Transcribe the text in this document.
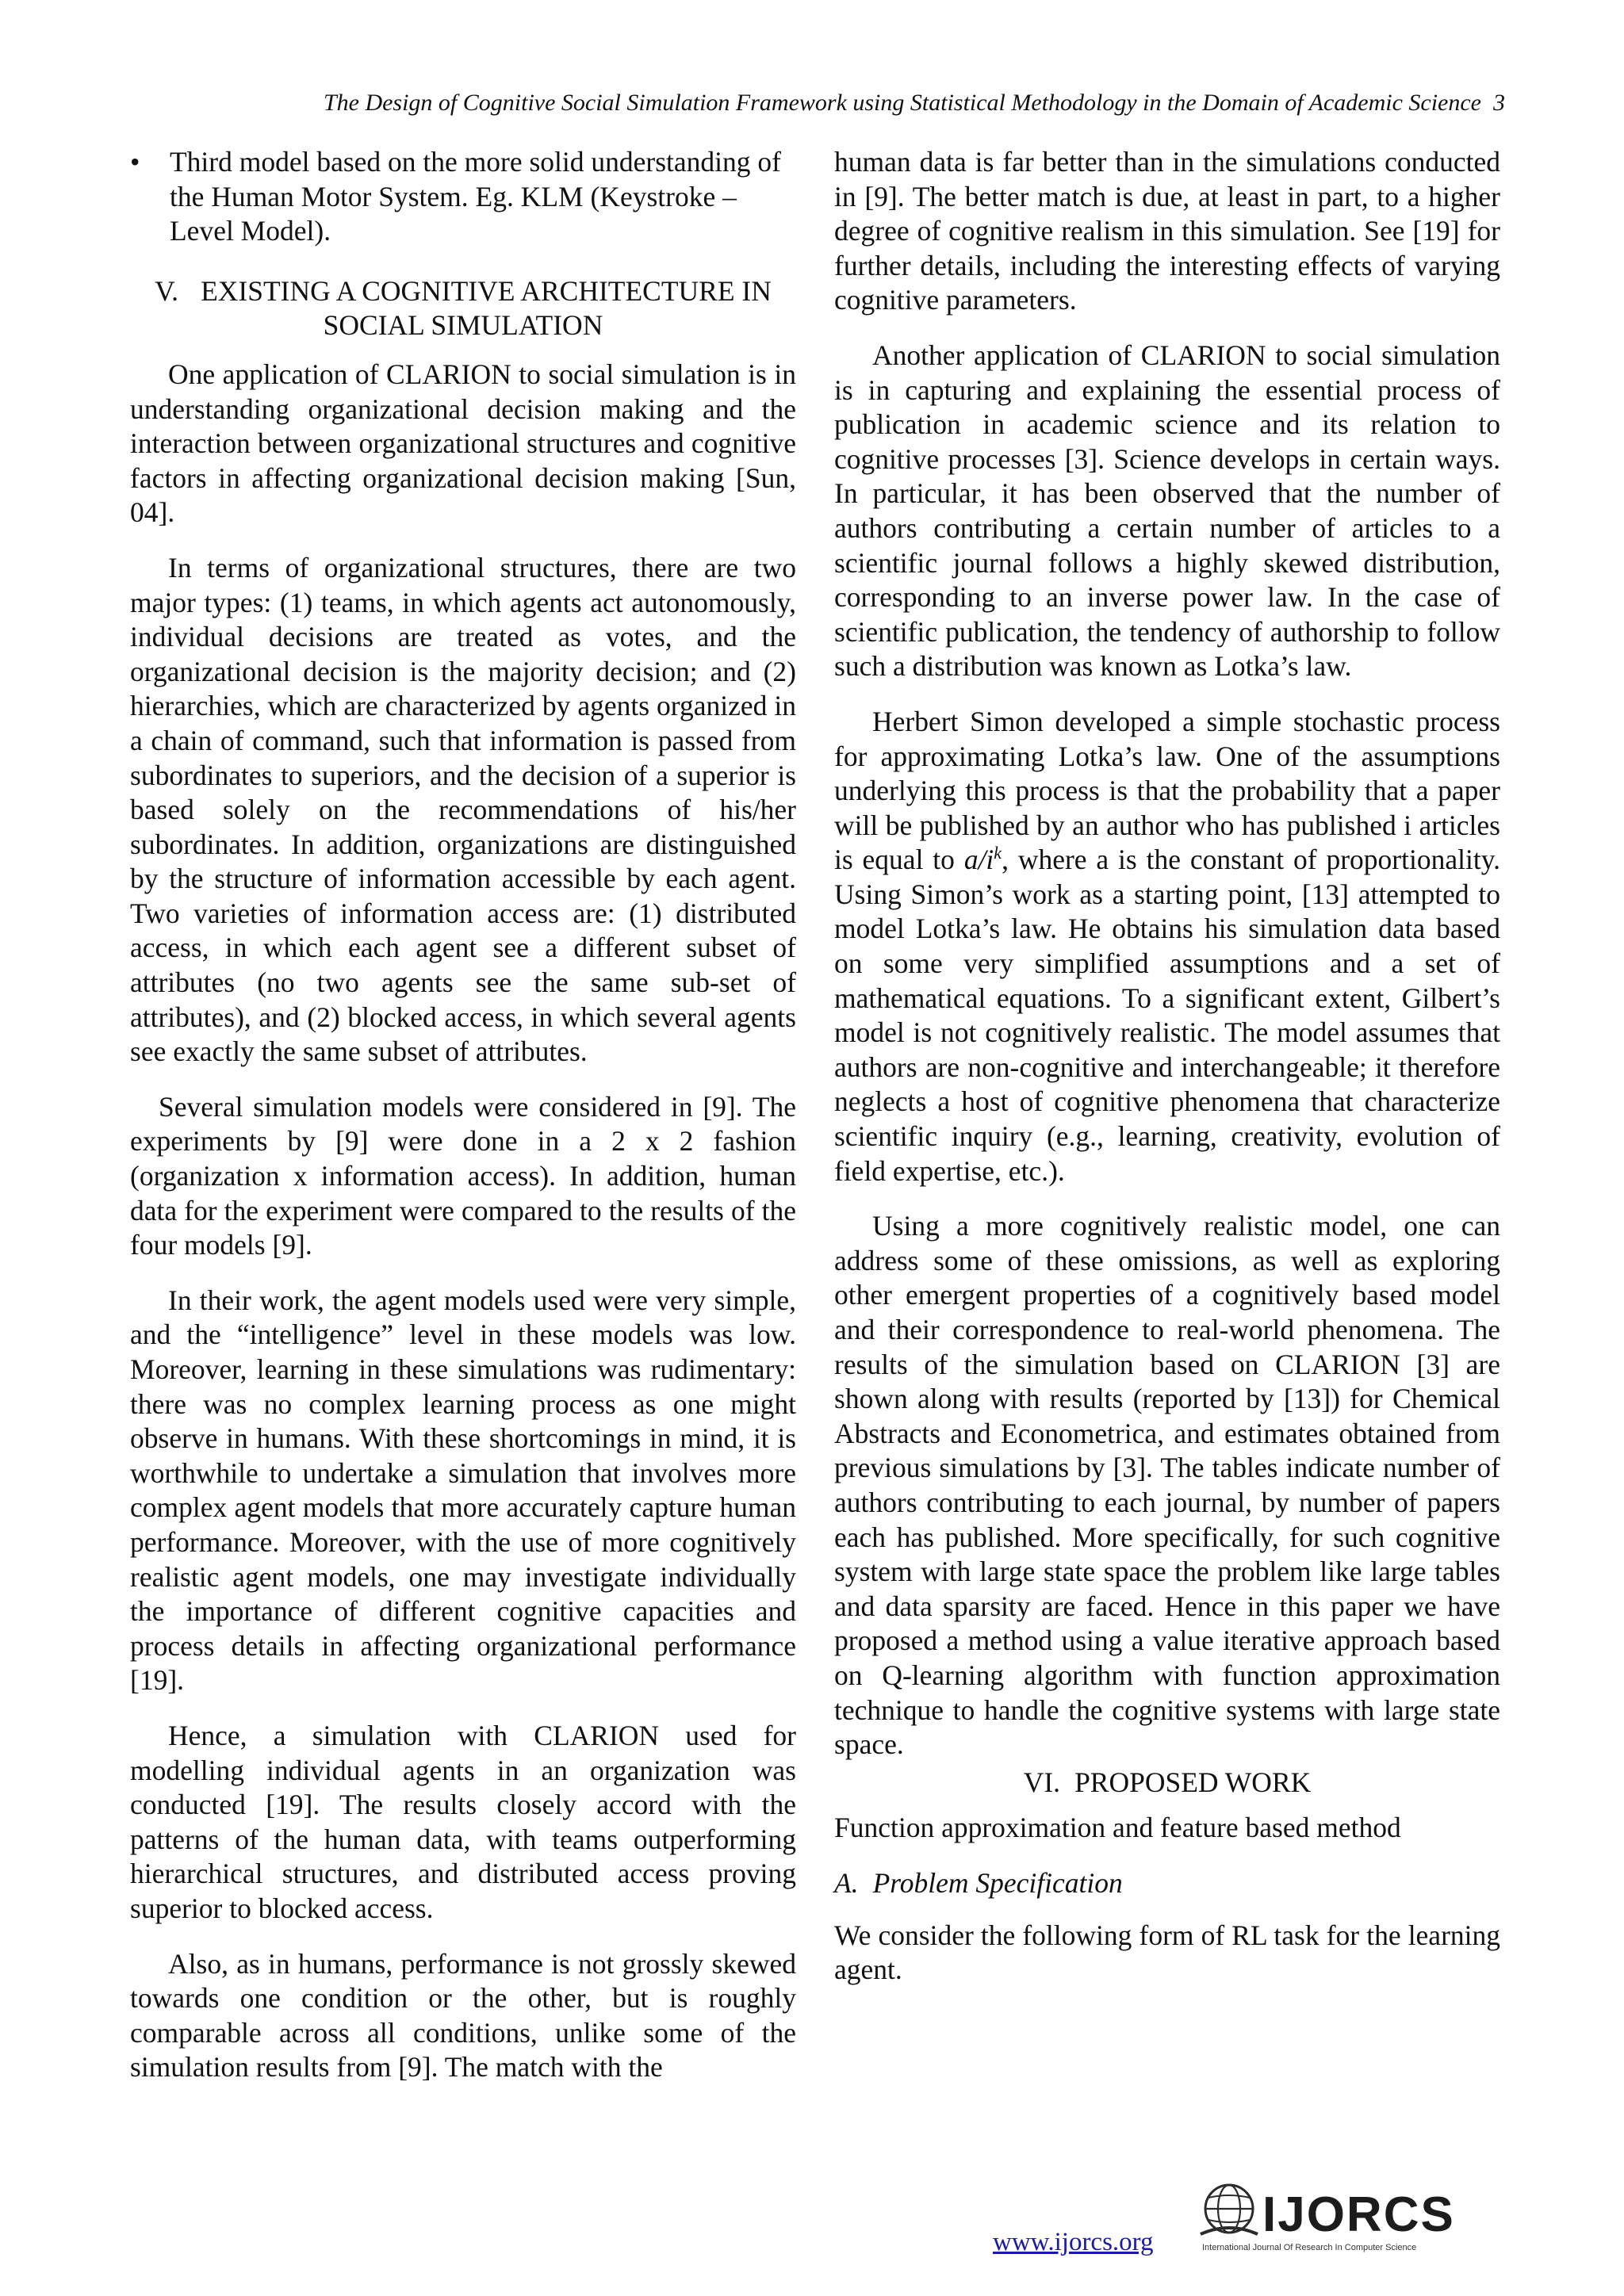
The Design of Cognitive Social Simulation Framework using Statistical Methodology in the Domain of Academic Science 3
•	Third model based on the more solid understanding of the Human Motor System. Eg. KLM (Keystroke – Level Model).
V. EXISTING A COGNITIVE ARCHITECTURE IN
SOCIAL SIMULATION

One application of CLARION to social simulation is in understanding organizational decision making and the interaction between organizational structures and cognitive factors in affecting organizational decision making [Sun, 04].

In terms of organizational structures, there are two major types: (1) teams, in which agents act autonomously, individual decisions are treated as votes, and the organizational decision is the majority decision; and (2) hierarchies, which are characterized by agents organized in a chain of command, such that information is passed from subordinates to superiors, and the decision of a superior is based solely on the recommendations of his/her subordinates. In addition, organizations are distinguished by the structure of information accessible by each agent. Two varieties of information access are: (1) distributed access, in which each agent see a different subset of attributes (no two agents see the same sub-set of attributes), and (2) blocked access, in which several agents see exactly the same subset of attributes.

Several simulation models were considered in [9]. The experiments by [9] were done in a 2 x 2 fashion (organization x information access). In addition, human data for the experiment were compared to the results of the four models [9].

In their work, the agent models used were very simple, and the “intelligence” level in these models was low. Moreover, learning in these simulations was rudimentary: there was no complex learning process as one might observe in humans. With these shortcomings in mind, it is worthwhile to undertake a simulation that involves more complex agent models that more accurately capture human performance. Moreover, with the use of more cognitively realistic agent models, one may investigate individually the importance of different cognitive capacities and process details in affecting organizational performance [19].

Hence, a simulation with CLARION used for modelling individual agents in an organization was conducted [19]. The results closely accord with the patterns of the human data, with teams outperforming hierarchical structures, and distributed access proving superior to blocked access.

Also, as in humans, performance is not grossly skewed towards one condition or the other, but is roughly comparable across all conditions, unlike some of the simulation results from [9]. The match with the

human data is far better than in the simulations conducted in [9]. The better match is due, at least in part, to a higher degree of cognitive realism in this simulation. See [19] for further details, including the interesting effects of varying cognitive parameters.

Another application of CLARION to social simulation is in capturing and explaining the essential process of publication in academic science and its relation to cognitive processes [3]. Science develops in certain ways. In particular, it has been observed that the number of authors contributing a certain number of articles to a scientific journal follows a highly skewed distribution, corresponding to an inverse power law. In the case of scientific publication, the tendency of authorship to follow such a distribution was known as Lotka’s law.

Herbert Simon developed a simple stochastic process for approximating Lotka’s law. One of the assumptions underlying this process is that the probability that a paper will be published by an author who has published i articles is equal to $a/i^k$, where a is the constant of proportionality. Using Simon’s work as a starting point, [13] attempted to model Lotka’s law. He obtains his simulation data based on some very simplified assumptions and a set of mathematical equations. To a significant extent, Gilbert’s model is not cognitively realistic. The model assumes that authors are non-cognitive and interchangeable; it therefore neglects a host of cognitive phenomena that characterize scientific inquiry (e.g., learning, creativity, evolution of field expertise, etc.).

Using a more cognitively realistic model, one can address some of these omissions, as well as exploring other emergent properties of a cognitively based model and their correspondence to real-world phenomena. The results of the simulation based on CLARION [3] are shown along with results (reported by [13]) for Chemical Abstracts and Econometrica, and estimates obtained from previous simulations by [3]. The tables indicate number of authors contributing to each journal, by number of papers each has published. More specifically, for such cognitive system with large state space the problem like large tables and data sparsity are faced. Hence in this paper we have proposed a method using a value iterative approach based on Q-learning algorithm with function approximation technique to handle the cognitive systems with large state space.

VI. PROPOSED WORK

Function approximation and feature based method

A. Problem Specification

We consider the following form of RL task for the learning agent.

www.ijorcs.org IJORCS
International Journal Of Research In Computer Science
